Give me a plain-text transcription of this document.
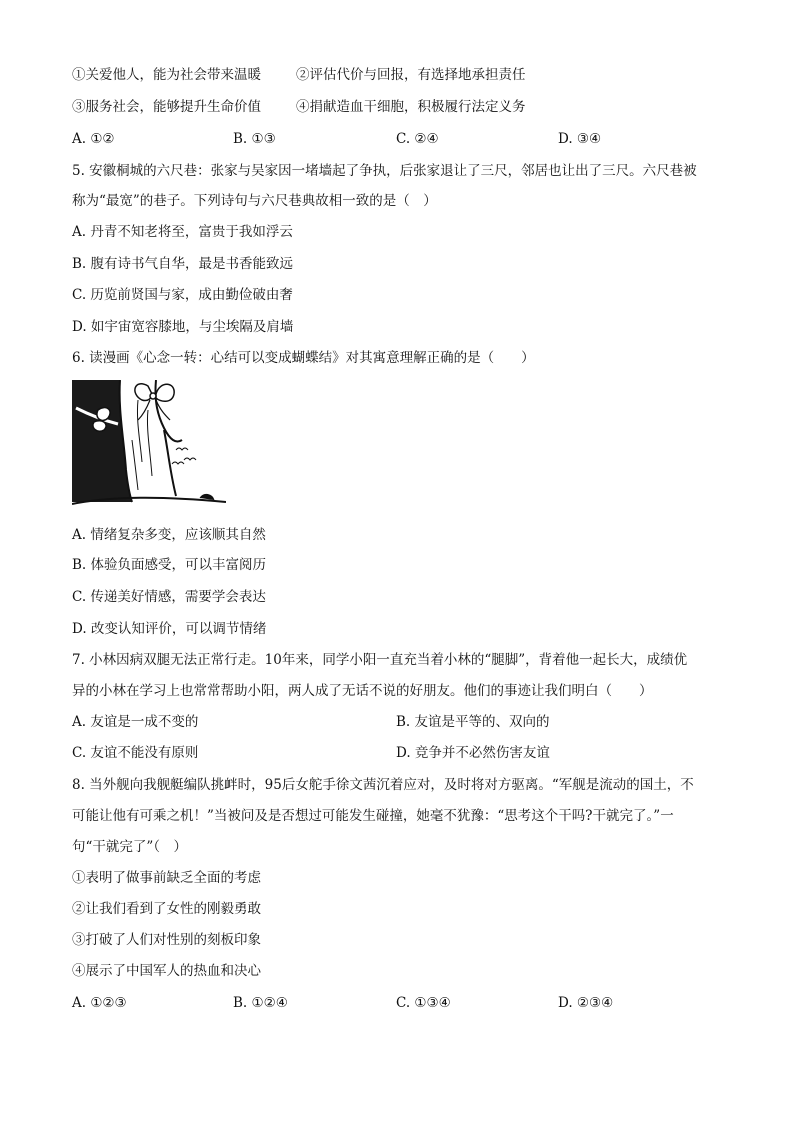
①关爱他人，能为社会带来温暖	②评估代价与回报，有选择地承担责任
③服务社会，能够提升生命价值	④捐献造血干细胞，积极履行法定义务
A. ①②	B. ①③	C. ②④	D. ③④
5. 安徽桐城的六尺巷：张家与吴家因一堵墙起了争执，后张家退让了三尺，邻居也让出了三尺。六尺巷被
称为“最宽”的巷子。下列诗句与六尺巷典故相一致的是（　）
A. 丹青不知老将至，富贵于我如浮云
B. 腹有诗书气自华，最是书香能致远
C. 历览前贤国与家，成由勤俭破由奢
D. 如宇宙宽容膝地，与尘埃隔及肩墙
6. 读漫画《心念一转：心结可以变成蝴蝶结》对其寓意理解正确的是（　　）
A. 情绪复杂多变，应该顺其自然
B. 体验负面感受，可以丰富阅历
C. 传递美好情感，需要学会表达
D. 改变认知评价，可以调节情绪
7. 小林因病双腿无法正常行走。10年来，同学小阳一直充当着小林的“腿脚”，背着他一起长大，成绩优
异的小林在学习上也常常帮助小阳，两人成了无话不说的好朋友。他们的事迹让我们明白（　　）
A. 友谊是一成不变的	B. 友谊是平等的、双向的
C. 友谊不能没有原则	D. 竞争并不必然伤害友谊
8. 当外舰向我舰艇编队挑衅时，95后女舵手徐文茜沉着应对，及时将对方驱离。“军舰是流动的国土，不
可能让他有可乘之机！”当被问及是否想过可能发生碰撞，她毫不犹豫：“思考这个干吗?干就完了。”一
句“干就完了”（　）
①表明了做事前缺乏全面的考虑
②让我们看到了女性的刚毅勇敢
③打破了人们对性别的刻板印象
④展示了中国军人的热血和决心
A. ①②③	B. ①②④	C. ①③④	D. ②③④
